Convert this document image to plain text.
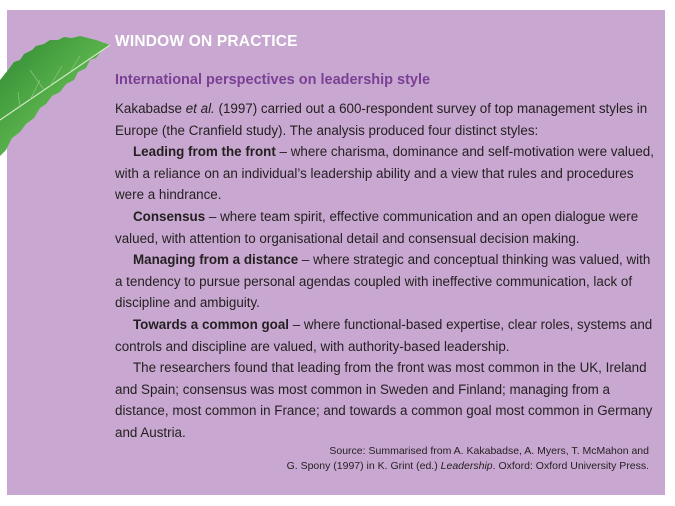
WINDOW ON PRACTICE
International perspectives on leadership style

Kakabadse et al. (1997) carried out a 600-respondent survey of top management styles in Europe (the Cranfield study). The analysis produced four distinct styles:

Leading from the front – where charisma, dominance and self-motivation were valued, with a reliance on an individual’s leadership ability and a view that rules and procedures were a hindrance.

Consensus – where team spirit, effective communication and an open dialogue were valued, with attention to organisational detail and consensual decision making.

Managing from a distance – where strategic and conceptual thinking was valued, with a tendency to pursue personal agendas coupled with ineffective communication, lack of discipline and ambiguity.

Towards a common goal – where functional-based expertise, clear roles, systems and controls and discipline are valued, with authority-based leadership.

The researchers found that leading from the front was most common in the UK, Ireland and Spain; consensus was most common in Sweden and Finland; managing from a distance, most common in France; and towards a common goal most common in Germany and Austria.

Source: Summarised from A. Kakabadse, A. Myers, T. McMahon and
G. Spony (1997) in K. Grint (ed.) Leadership. Oxford: Oxford University Press.
